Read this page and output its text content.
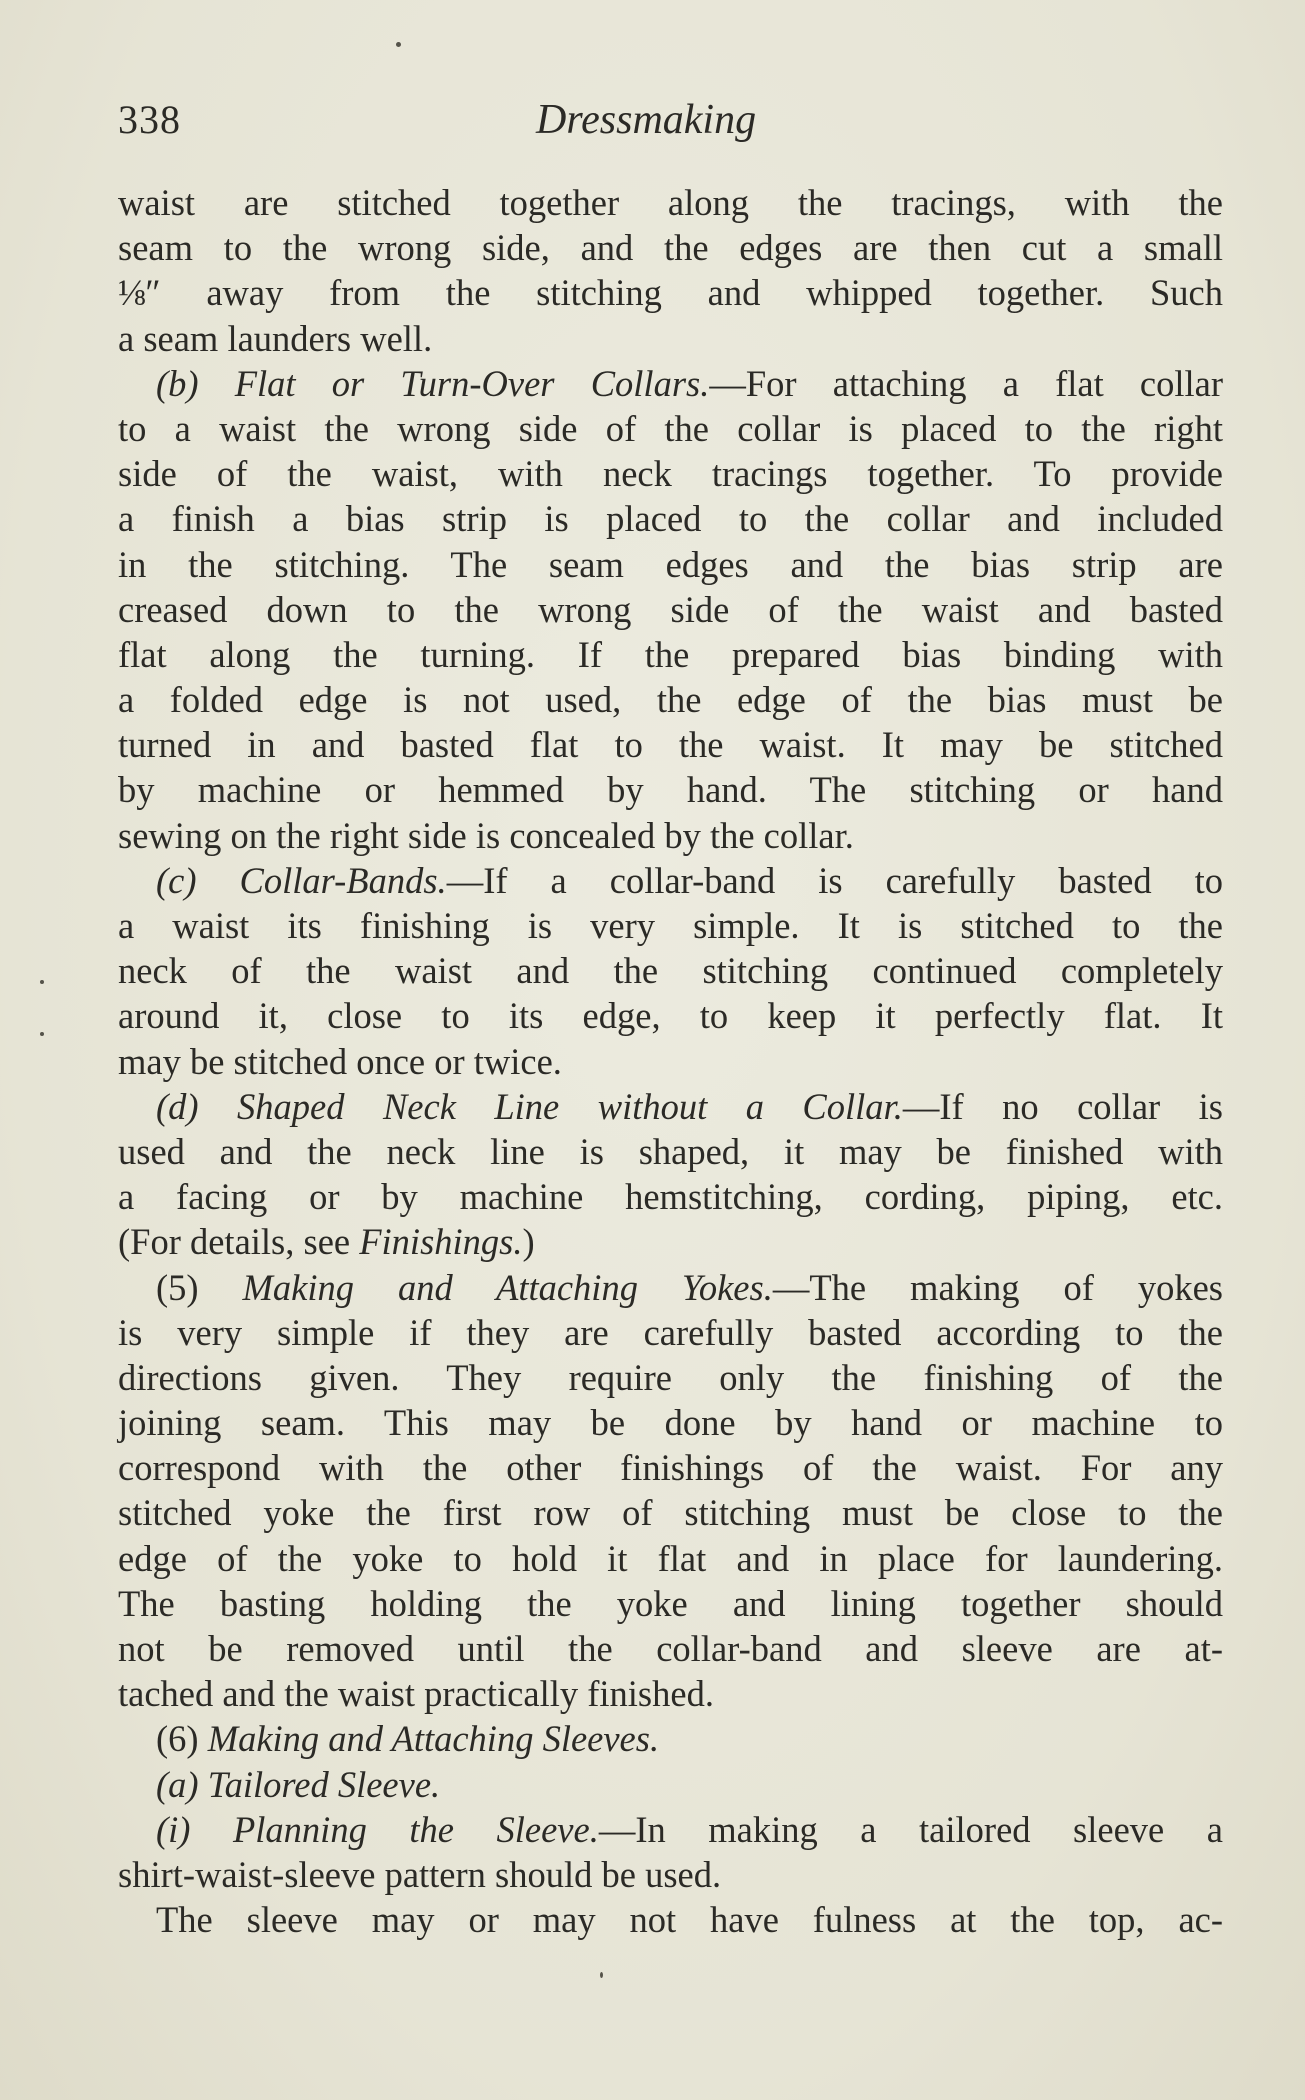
338	Dressmaking
waist are stitched together along the tracings, with the
seam to the wrong side, and the edges are then cut a small
⅛″ away from the stitching and whipped together. Such
a seam launders well.
(b) Flat or Turn-Over Collars.—For attaching a flat collar
to a waist the wrong side of the collar is placed to the right
side of the waist, with neck tracings together. To provide
a finish a bias strip is placed to the collar and included
in the stitching. The seam edges and the bias strip are
creased down to the wrong side of the waist and basted
flat along the turning. If the prepared bias binding with
a folded edge is not used, the edge of the bias must be
turned in and basted flat to the waist. It may be stitched
by machine or hemmed by hand. The stitching or hand
sewing on the right side is concealed by the collar.
(c) Collar-Bands.—If a collar-band is carefully basted to
a waist its finishing is very simple. It is stitched to the
neck of the waist and the stitching continued completely
around it, close to its edge, to keep it perfectly flat. It
may be stitched once or twice.
(d) Shaped Neck Line without a Collar.—If no collar is
used and the neck line is shaped, it may be finished with
a facing or by machine hemstitching, cording, piping, etc.
(For details, see Finishings.)
(5) Making and Attaching Yokes.—The making of yokes
is very simple if they are carefully basted according to the
directions given. They require only the finishing of the
joining seam. This may be done by hand or machine to
correspond with the other finishings of the waist. For any
stitched yoke the first row of stitching must be close to the
edge of the yoke to hold it flat and in place for laundering.
The basting holding the yoke and lining together should
not be removed until the collar-band and sleeve are at-
tached and the waist practically finished.
(6) Making and Attaching Sleeves.
(a) Tailored Sleeve.
(i) Planning the Sleeve.—In making a tailored sleeve a
shirt-waist-sleeve pattern should be used.
The sleeve may or may not have fulness at the top, ac-
